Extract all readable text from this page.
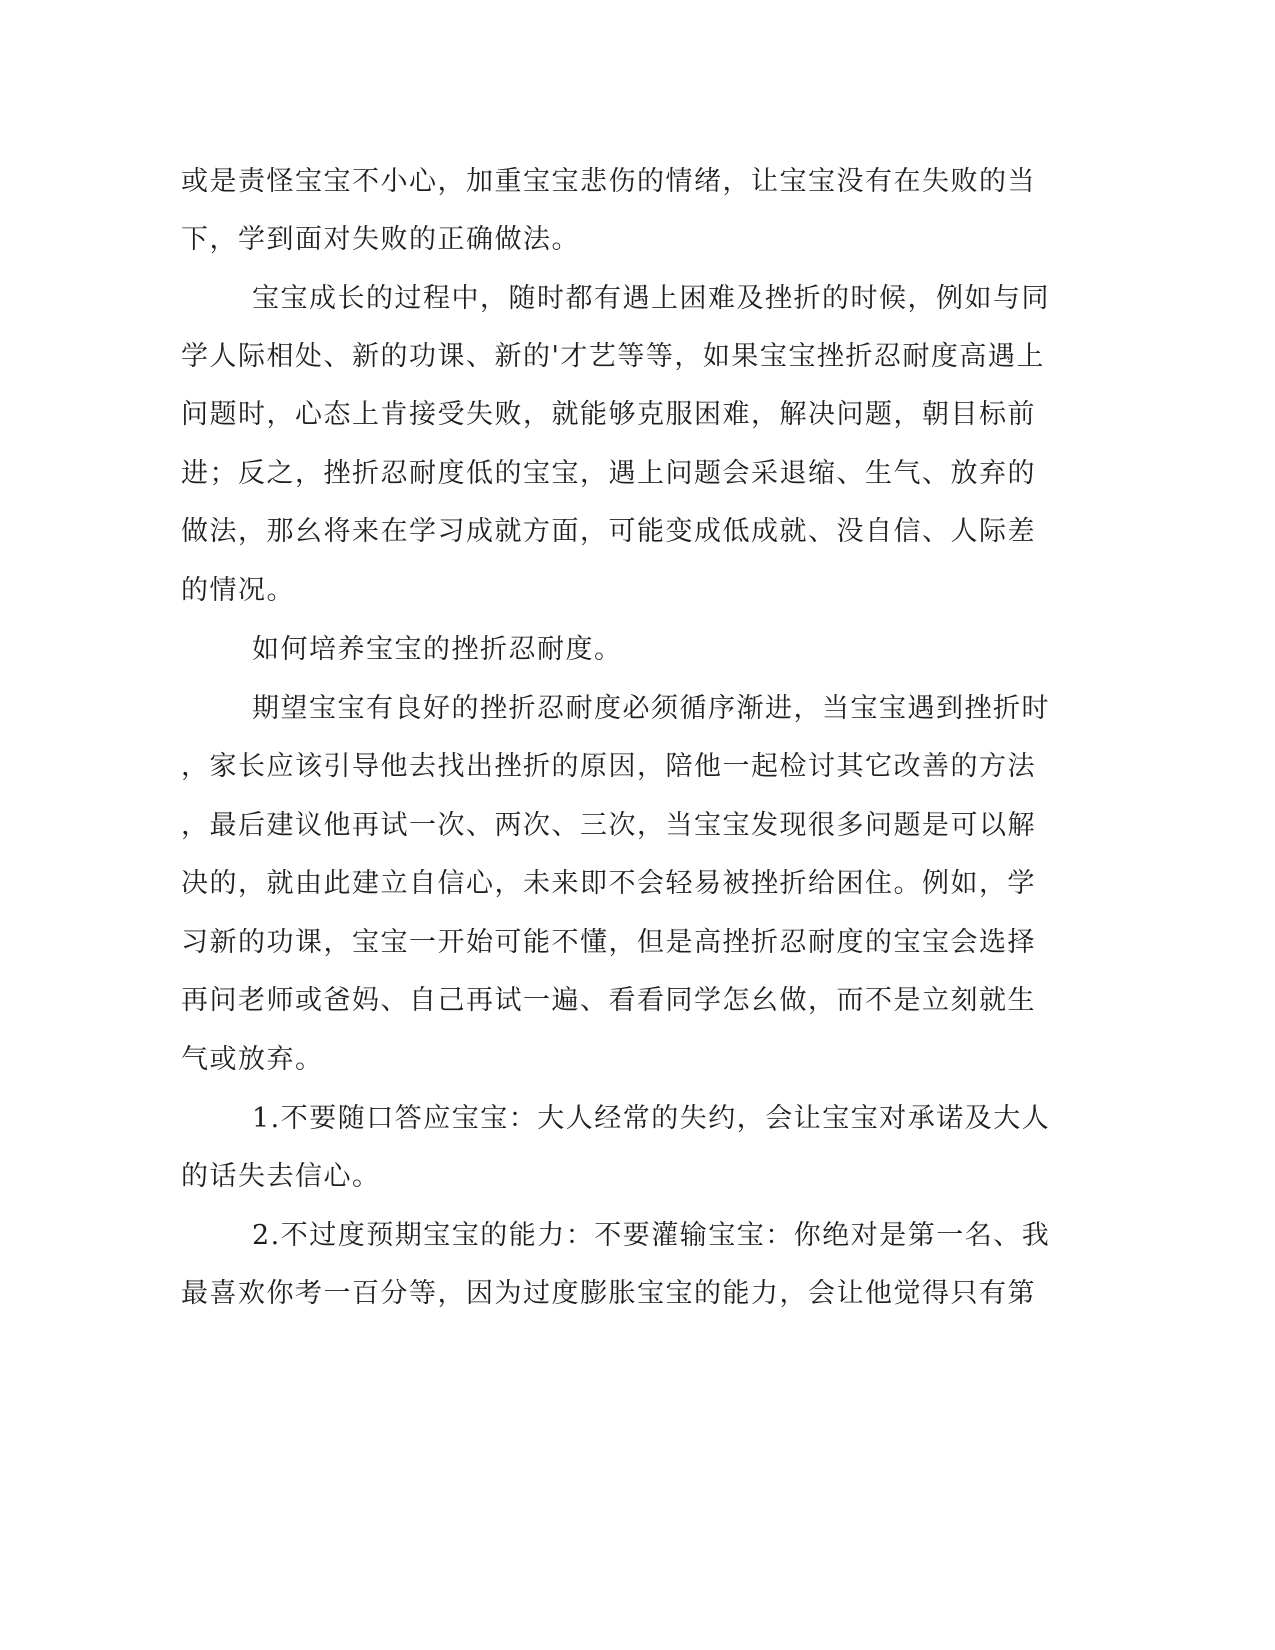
或是责怪宝宝不小心，加重宝宝悲伤的情绪，让宝宝没有在失败的当

下，学到面对失败的正确做法。

宝宝成长的过程中，随时都有遇上困难及挫折的时候，例如与同

学人际相处、新的功课、新的'才艺等等，如果宝宝挫折忍耐度高遇上

问题时，心态上肯接受失败，就能够克服困难，解决问题，朝目标前

进；反之，挫折忍耐度低的宝宝，遇上问题会采退缩、生气、放弃的

做法，那幺将来在学习成就方面，可能变成低成就、没自信、人际差

的情况。

如何培养宝宝的挫折忍耐度。

期望宝宝有良好的挫折忍耐度必须循序渐进，当宝宝遇到挫折时

，家长应该引导他去找出挫折的原因，陪他一起检讨其它改善的方法

，最后建议他再试一次、两次、三次，当宝宝发现很多问题是可以解

决的，就由此建立自信心，未来即不会轻易被挫折给困住。例如，学

习新的功课，宝宝一开始可能不懂，但是高挫折忍耐度的宝宝会选择

再问老师或爸妈、自己再试一遍、看看同学怎幺做，而不是立刻就生

气或放弃。

1.不要随口答应宝宝：大人经常的失约，会让宝宝对承诺及大人

的话失去信心。

2.不过度预期宝宝的能力：不要灌输宝宝：你绝对是第一名、我

最喜欢你考一百分等，因为过度膨胀宝宝的能力，会让他觉得只有第
